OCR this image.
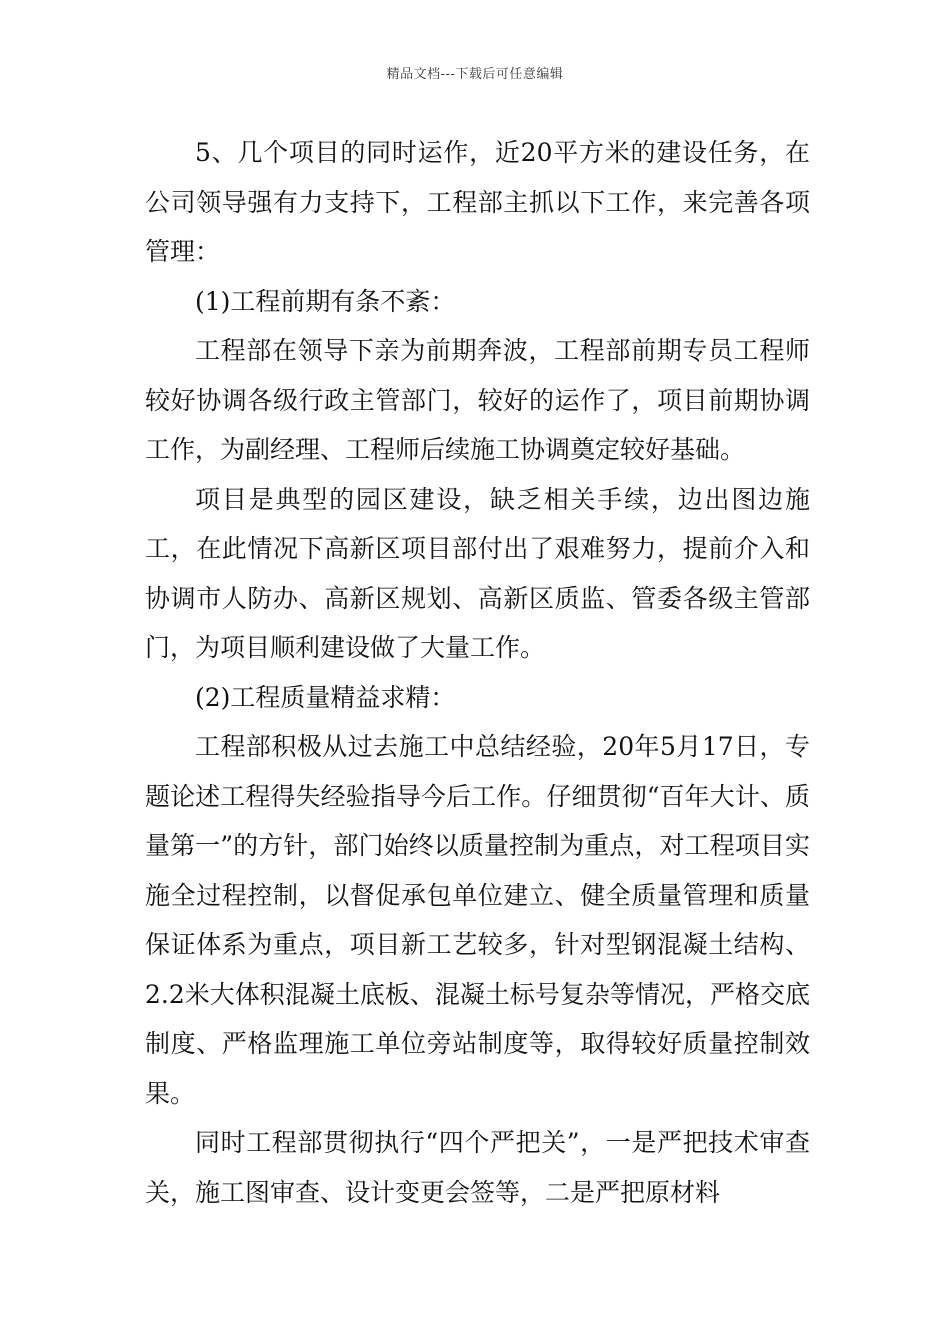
精品文档---下载后可任意编辑

5、几个项目的同时运作，近20平方米的建设任务，在公司领导强有力支持下，工程部主抓以下工作，来完善各项管理：

(1)工程前期有条不紊：

工程部在领导下亲为前期奔波，工程部前期专员工程师较好协调各级行政主管部门，较好的运作了，项目前期协调工作，为副经理、工程师后续施工协调奠定较好基础。

项目是典型的园区建设，缺乏相关手续，边出图边施工，在此情况下高新区项目部付出了艰难努力，提前介入和协调市人防办、高新区规划、高新区质监、管委各级主管部门，为项目顺利建设做了大量工作。

(2)工程质量精益求精：

工程部积极从过去施工中总结经验，20年5月17日，专题论述工程得失经验指导今后工作。仔细贯彻“百年大计、质量第一”的方针，部门始终以质量控制为重点，对工程项目实施全过程控制，以督促承包单位建立、健全质量管理和质量保证体系为重点，项目新工艺较多，针对型钢混凝土结构、2.2米大体积混凝土底板、混凝土标号复杂等情况，严格交底制度、严格监理施工单位旁站制度等，取得较好质量控制效果。

同时工程部贯彻执行“四个严把关”，一是严把技术审查关，施工图审查、设计变更会签等，二是严把原材料
